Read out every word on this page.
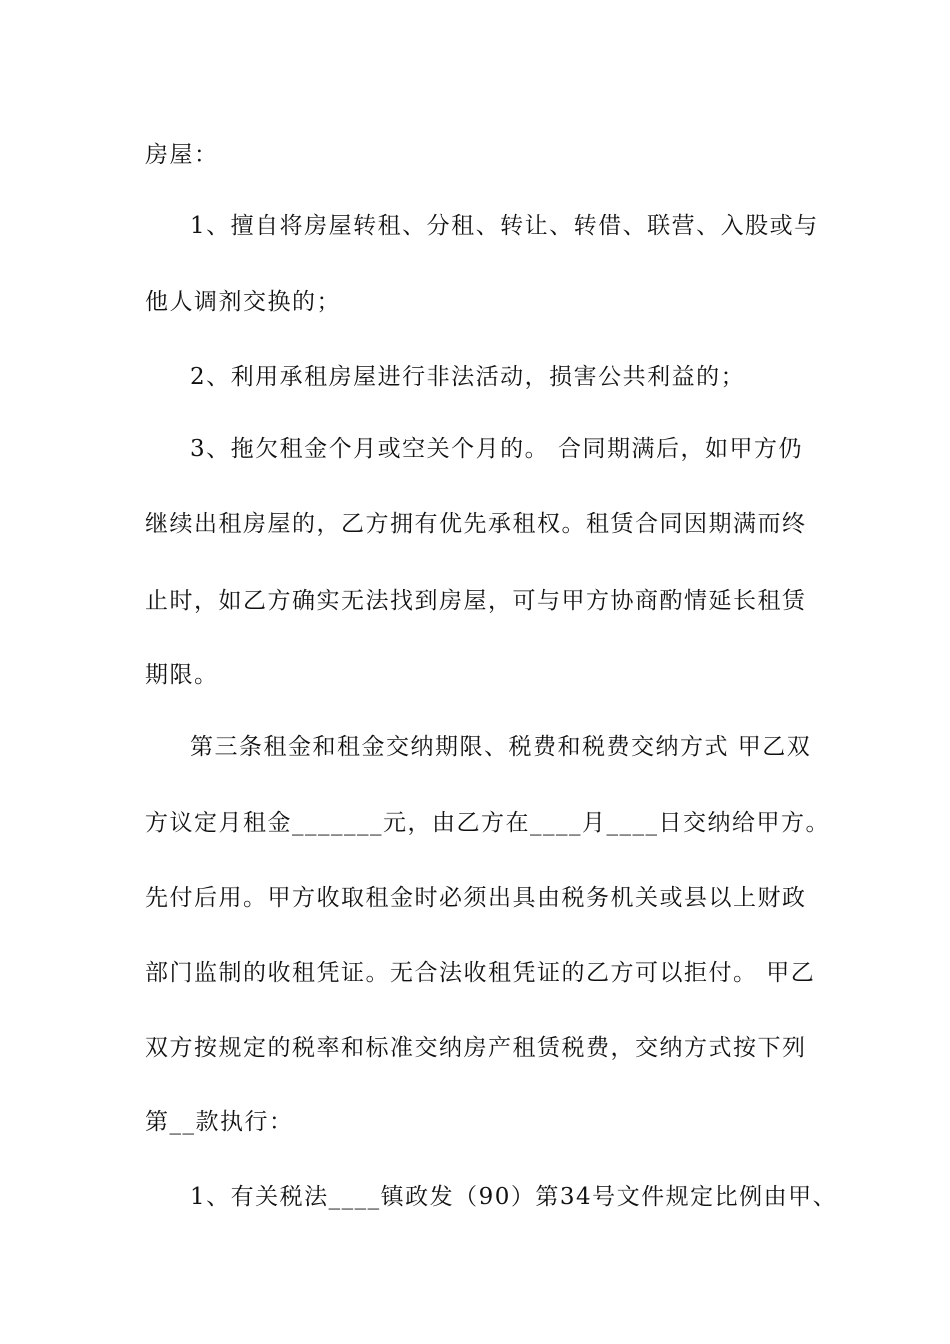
房屋：
1、擅自将房屋转租、分租、转让、转借、联营、入股或与
他人调剂交换的；
2、利用承租房屋进行非法活动，损害公共利益的；
3、拖欠租金个月或空关个月的。 合同期满后，如甲方仍
继续出租房屋的，乙方拥有优先承租权。租赁合同因期满而终
止时，如乙方确实无法找到房屋，可与甲方协商酌情延长租赁
期限。
第三条租金和租金交纳期限、税费和税费交纳方式 甲乙双
方议定月租金_______元，由乙方在____月____日交纳给甲方。
先付后用。甲方收取租金时必须出具由税务机关或县以上财政
部门监制的收租凭证。无合法收租凭证的乙方可以拒付。 甲乙
双方按规定的税率和标准交纳房产租赁税费，交纳方式按下列
第__款执行：
1、有关税法____镇政发（90）第34号文件规定比例由甲、
